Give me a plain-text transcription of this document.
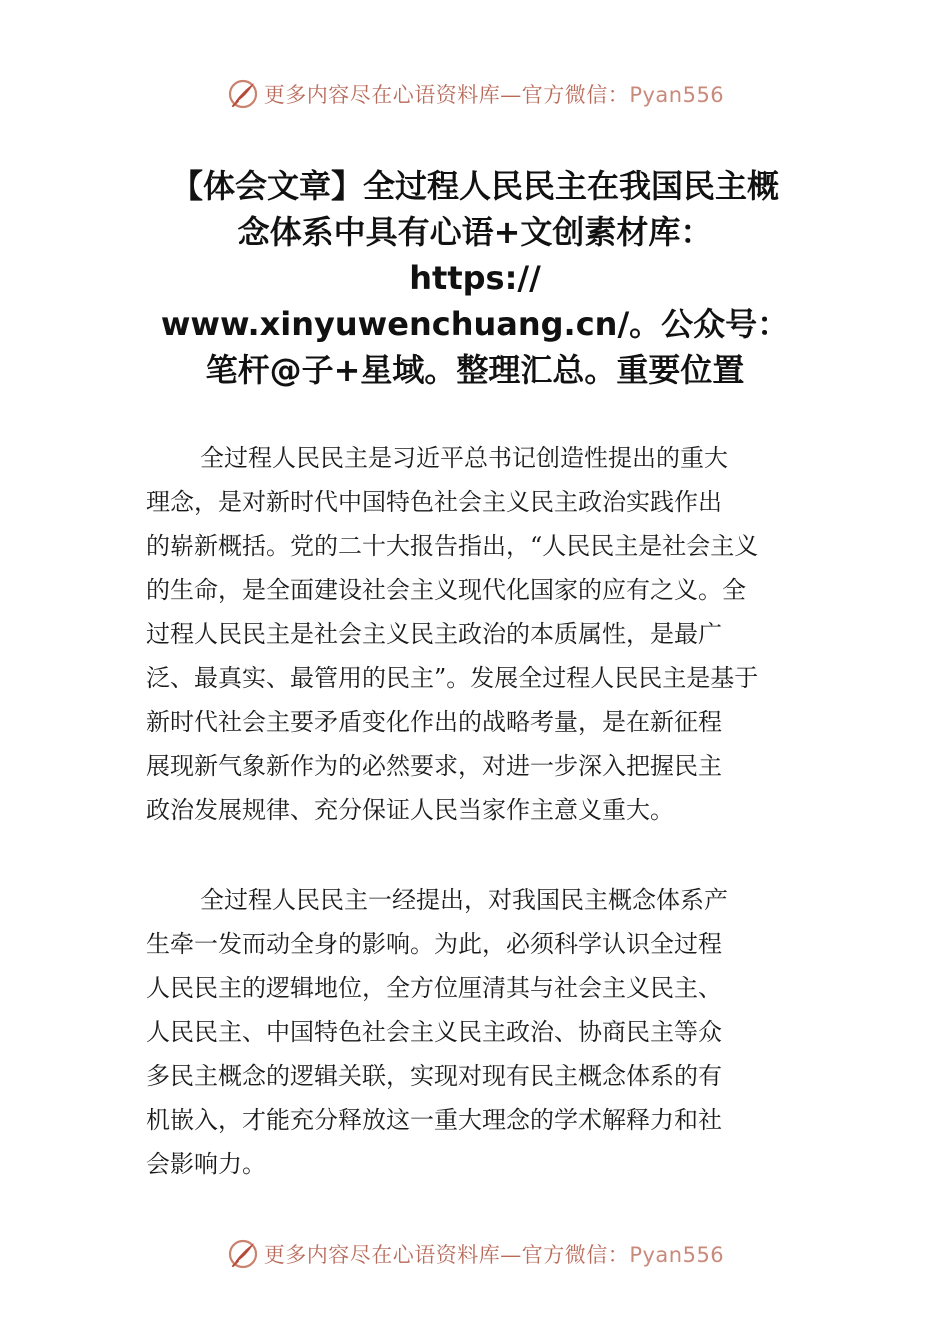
更多内容尽在心语资料库—官方微信：Pyan556
【体会文章】全过程人民民主在我国民主概
念体系中具有心语+文创素材库：
https://
www.xinyuwenchuang.cn/。公众号：
笔杆@子+星域。整理汇总。重要位置

全过程人民民主是习近平总书记创造性提出的重大
理念，是对新时代中国特色社会主义民主政治实践作出
的崭新概括。党的二十大报告指出，“人民民主是社会主义
的生命，是全面建设社会主义现代化国家的应有之义。全
过程人民民主是社会主义民主政治的本质属性，是最广
泛、最真实、最管用的民主”。发展全过程人民民主是基于
新时代社会主要矛盾变化作出的战略考量，是在新征程
展现新气象新作为的必然要求，对进一步深入把握民主
政治发展规律、充分保证人民当家作主意义重大。

全过程人民民主一经提出，对我国民主概念体系产
生牵一发而动全身的影响。为此，必须科学认识全过程
人民民主的逻辑地位，全方位厘清其与社会主义民主、
人民民主、中国特色社会主义民主政治、协商民主等众
多民主概念的逻辑关联，实现对现有民主概念体系的有
机嵌入，才能充分释放这一重大理念的学术解释力和社
会影响力。

更多内容尽在心语资料库—官方微信：Pyan556
